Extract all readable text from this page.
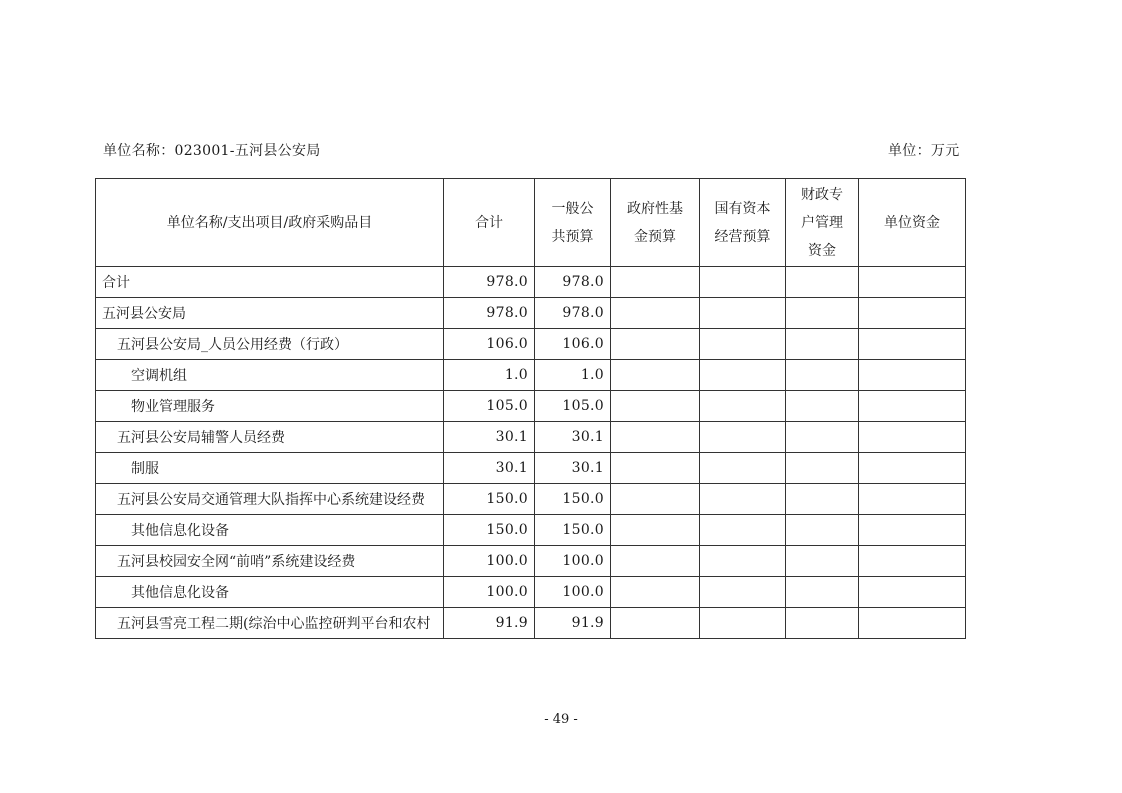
单位名称：023001-五河县公安局	单位：万元
单位名称/支出项目/政府采购品目	合计	一般公共预算	政府性基金预算	国有资本经营预算	财政专户管理资金	单位资金
合计	978.0	978.0				
五河县公安局	978.0	978.0				
五河县公安局_人员公用经费（行政）	106.0	106.0				
空调机组	1.0	1.0				
物业管理服务	105.0	105.0				
五河县公安局辅警人员经费	30.1	30.1				
制服	30.1	30.1				
五河县公安局交通管理大队指挥中心系统建设经费	150.0	150.0				
其他信息化设备	150.0	150.0				
五河县校园安全网“前哨”系统建设经费	100.0	100.0				
其他信息化设备	100.0	100.0				
五河县雪亮工程二期(综治中心监控研判平台和农村	91.9	91.9				
- 49 -
